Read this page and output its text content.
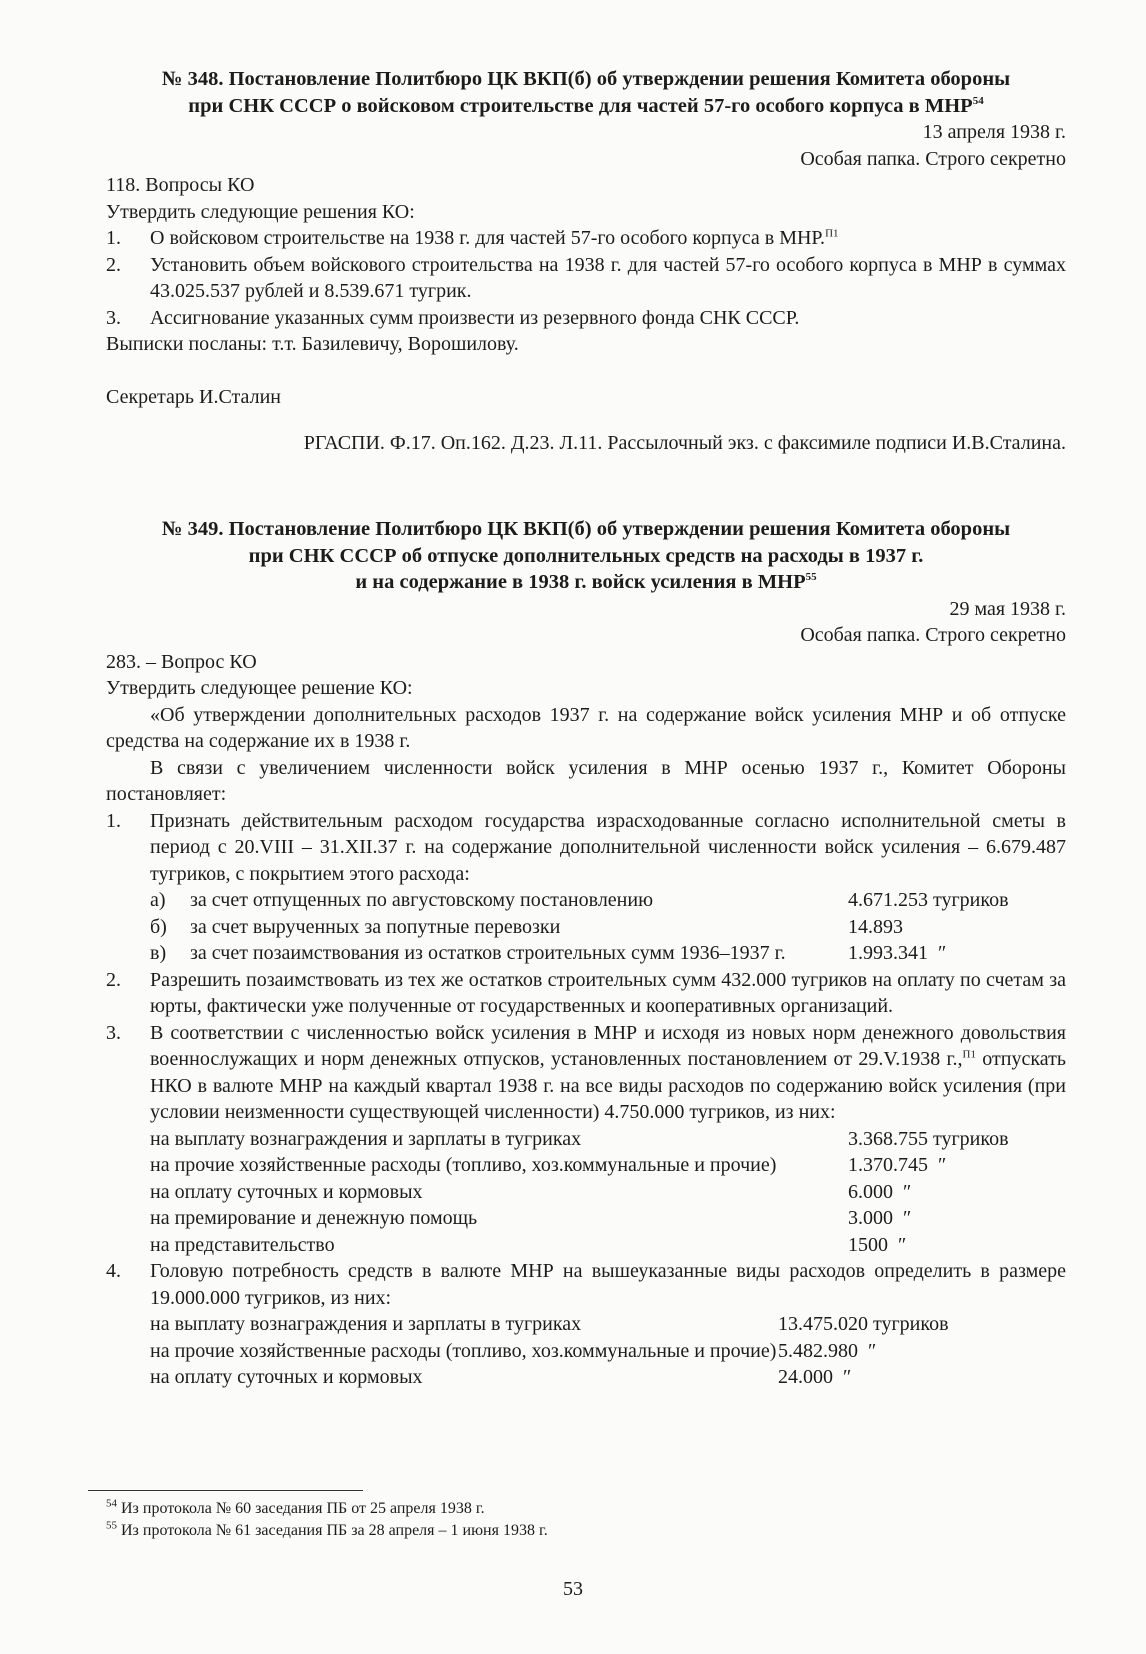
№ 348. Постановление Политбюро ЦК ВКП(б) об утверждении решения Комитета обороны
при СНК СССР о войсковом строительстве для частей 57-го особого корпуса в МНР$^{54}$

13 апреля 1938 г.

Особая папка. Строго секретно

118. Вопросы КО

Утвердить следующие решения КО:

1.	О войсковом строительстве на 1938 г. для частей 57-го особого корпуса в МНР.$^{П1}$
2.	Установить объем войскового строительства на 1938 г. для частей 57-го особого корпуса в МНР в суммах 43.025.537 рублей и 8.539.671 тугрик.
3.	Ассигнование указанных сумм произвести из резервного фонда СНК СССР.

Выписки посланы: т.т. Базилевичу, Ворошилову.

Секретарь И.Сталин

РГАСПИ. Ф.17. Оп.162. Д.23. Л.11. Рассылочный экз. с факсимиле подписи И.В.Сталина.

№ 349. Постановление Политбюро ЦК ВКП(б) об утверждении решения Комитета обороны
при СНК СССР об отпуске дополнительных средств на расходы в 1937 г.
и на содержание в 1938 г. войск усиления в МНР$^{55}$

29 мая 1938 г.

Особая папка. Строго секретно

283. – Вопрос КО

Утвердить следующее решение КО:

«Об утверждении дополнительных расходов 1937 г. на содержание войск усиления МНР и об отпуске средства на содержание их в 1938 г.

В связи с увеличением численности войск усиления в МНР осенью 1937 г., Комитет Обороны постановляет:

1.	Признать действительным расходом государства израсходованные согласно исполнительной сметы в период с 20.VIII – 31.XII.37 г. на содержание дополнительной численности войск усиления – 6.679.487 тугриков, с покрытием этого расхода:
а) за счет отпущенных по августовскому постановлению	4.671.253 тугриков
б) за счет вырученных за попутные перевозки	14.893
в) за счет позаимствования из остатков строительных сумм 1936–1937 г.	1.993.341  ″
2.	Разрешить позаимствовать из тех же остатков строительных сумм 432.000 тугриков на оплату по счетам за юрты, фактически уже полученные от государственных и кооперативных организаций.
3.	В соответствии с численностью войск усиления в МНР и исходя из новых норм денежного довольствия военнослужащих и норм денежных отпусков, установленных постановлением от 29.V.1938 г.,$^{П1}$ отпускать НКО в валюте МНР на каждый квартал 1938 г. на все виды расходов по содержанию войск усиления (при условии неизменности существующей численности) 4.750.000 тугриков, из них:
на выплату вознаграждения и зарплаты в тугриках	3.368.755 тугриков
на прочие хозяйственные расходы (топливо, хоз.коммунальные и прочие)	1.370.745  ″
на оплату суточных и кормовых	6.000  ″
на премирование и денежную помощь	3.000  ″
на представительство	1500  ″
4.	Головую потребность средств в валюте МНР на вышеуказанные виды расходов определить в размере 19.000.000 тугриков, из них:
на выплату вознаграждения и зарплаты в тугриках	13.475.020 тугриков
на прочие хозяйственные расходы (топливо, хоз.коммунальные и прочие) 5.482.980  ″
на оплату суточных и кормовых	24.000  ″

$^{54}$ Из протокола № 60 заседания ПБ от 25 апреля 1938 г.

$^{55}$ Из протокола № 61 заседания ПБ за 28 апреля – 1 июня 1938 г.

53
